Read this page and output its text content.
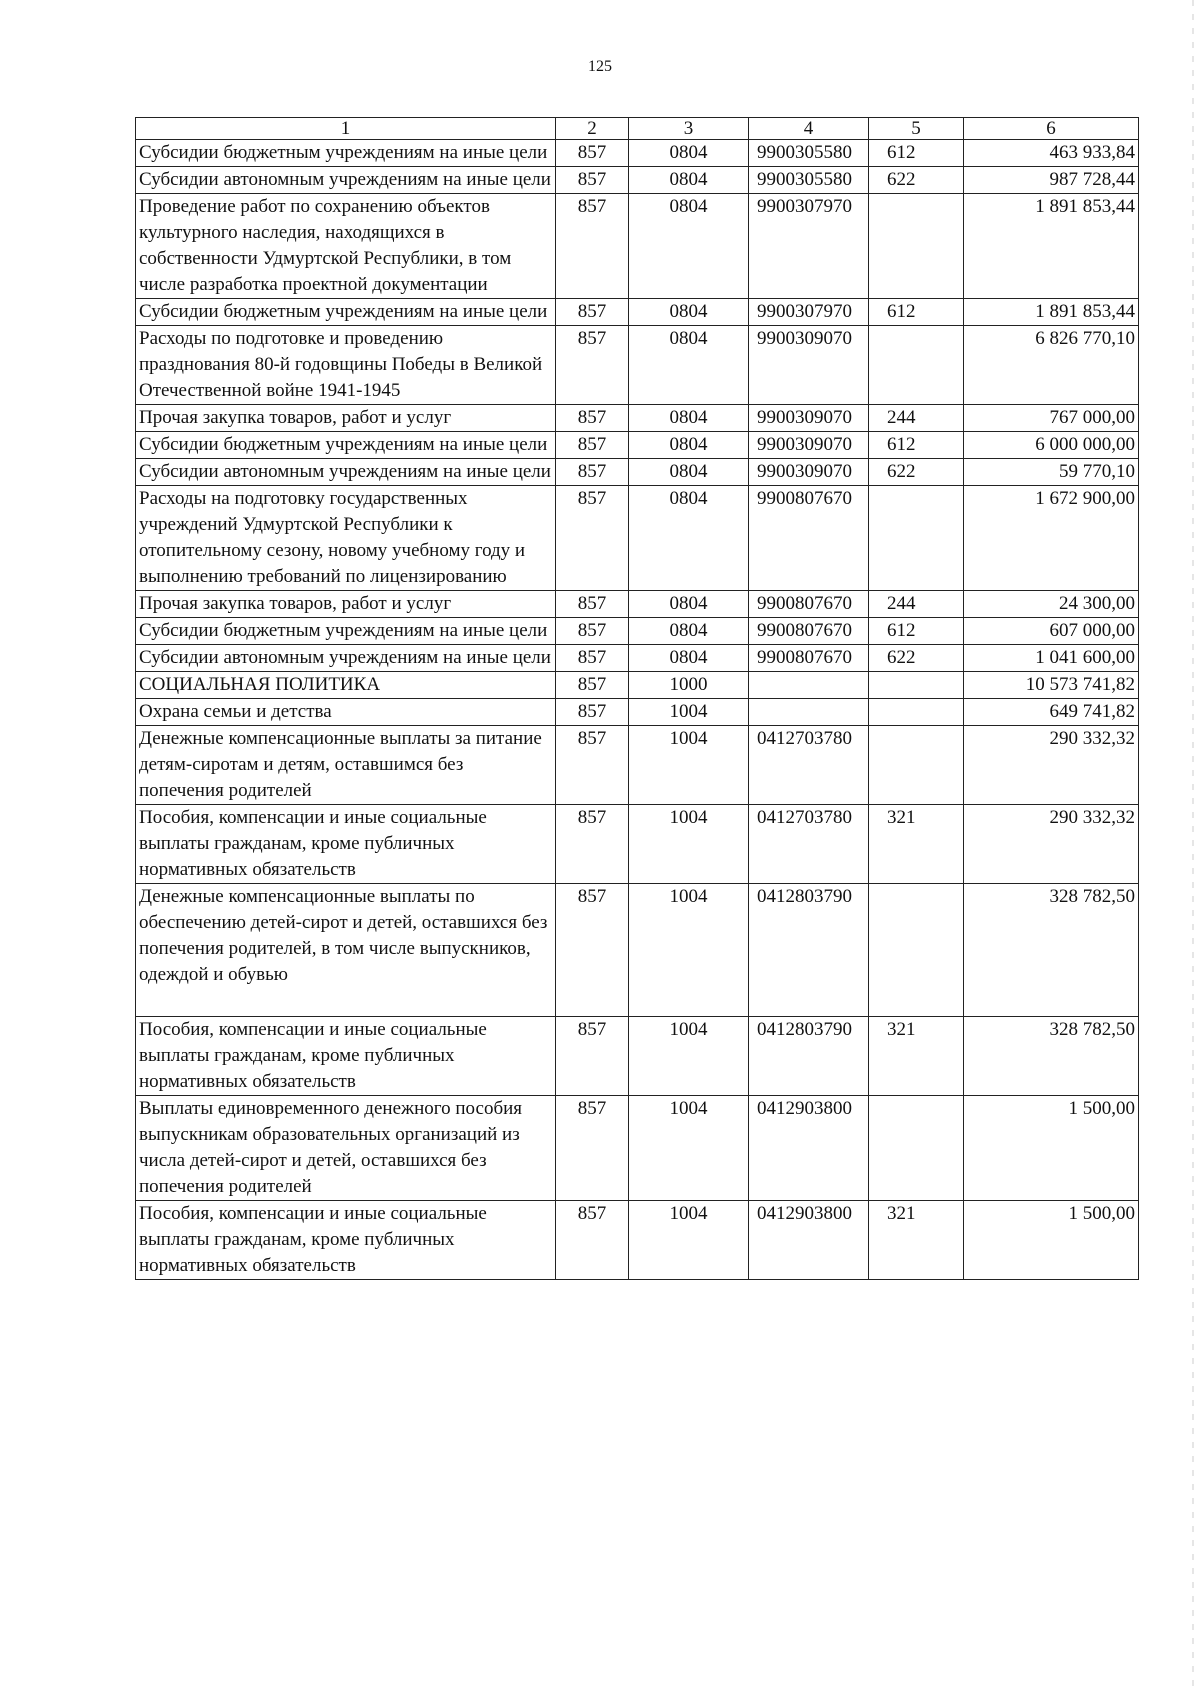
125
1	2	3	4	5	6
Субсидии бюджетным учреждениям на иные цели	857	0804	9900305580	612	463 933,84
Субсидии автономным учреждениям на иные цели	857	0804	9900305580	622	987 728,44
Проведение работ по сохранению объектов культурного наследия, находящихся в собственности Удмуртской Республики, в том числе разработка проектной документации	857	0804	9900307970		1 891 853,44
Субсидии бюджетным учреждениям на иные цели	857	0804	9900307970	612	1 891 853,44
Расходы по подготовке и проведению празднования 80-й годовщины Победы в Великой Отечественной войне 1941-1945	857	0804	9900309070		6 826 770,10
Прочая закупка товаров, работ и услуг	857	0804	9900309070	244	767 000,00
Субсидии бюджетным учреждениям на иные цели	857	0804	9900309070	612	6 000 000,00
Субсидии автономным учреждениям на иные цели	857	0804	9900309070	622	59 770,10
Расходы на подготовку государственных учреждений Удмуртской Республики к отопительному сезону, новому учебному году и выполнению требований по лицензированию	857	0804	9900807670		1 672 900,00
Прочая закупка товаров, работ и услуг	857	0804	9900807670	244	24 300,00
Субсидии бюджетным учреждениям на иные цели	857	0804	9900807670	612	607 000,00
Субсидии автономным учреждениям на иные цели	857	0804	9900807670	622	1 041 600,00
СОЦИАЛЬНАЯ ПОЛИТИКА	857	1000			10 573 741,82
Охрана семьи и детства	857	1004			649 741,82
Денежные компенсационные выплаты за питание детям-сиротам и детям, оставшимся без попечения родителей	857	1004	0412703780		290 332,32
Пособия, компенсации и иные социальные выплаты гражданам, кроме публичных нормативных обязательств	857	1004	0412703780	321	290 332,32
Денежные компенсационные выплаты по обеспечению детей-сирот и детей, оставшихся без попечения родителей, в том числе выпускников, одеждой и обувью	857	1004	0412803790		328 782,50
Пособия, компенсации и иные социальные выплаты гражданам, кроме публичных нормативных обязательств	857	1004	0412803790	321	328 782,50
Выплаты единовременного денежного пособия выпускникам образовательных организаций из числа детей-сирот и детей, оставшихся без попечения родителей	857	1004	0412903800		1 500,00
Пособия, компенсации и иные социальные выплаты гражданам, кроме публичных нормативных обязательств	857	1004	0412903800	321	1 500,00
